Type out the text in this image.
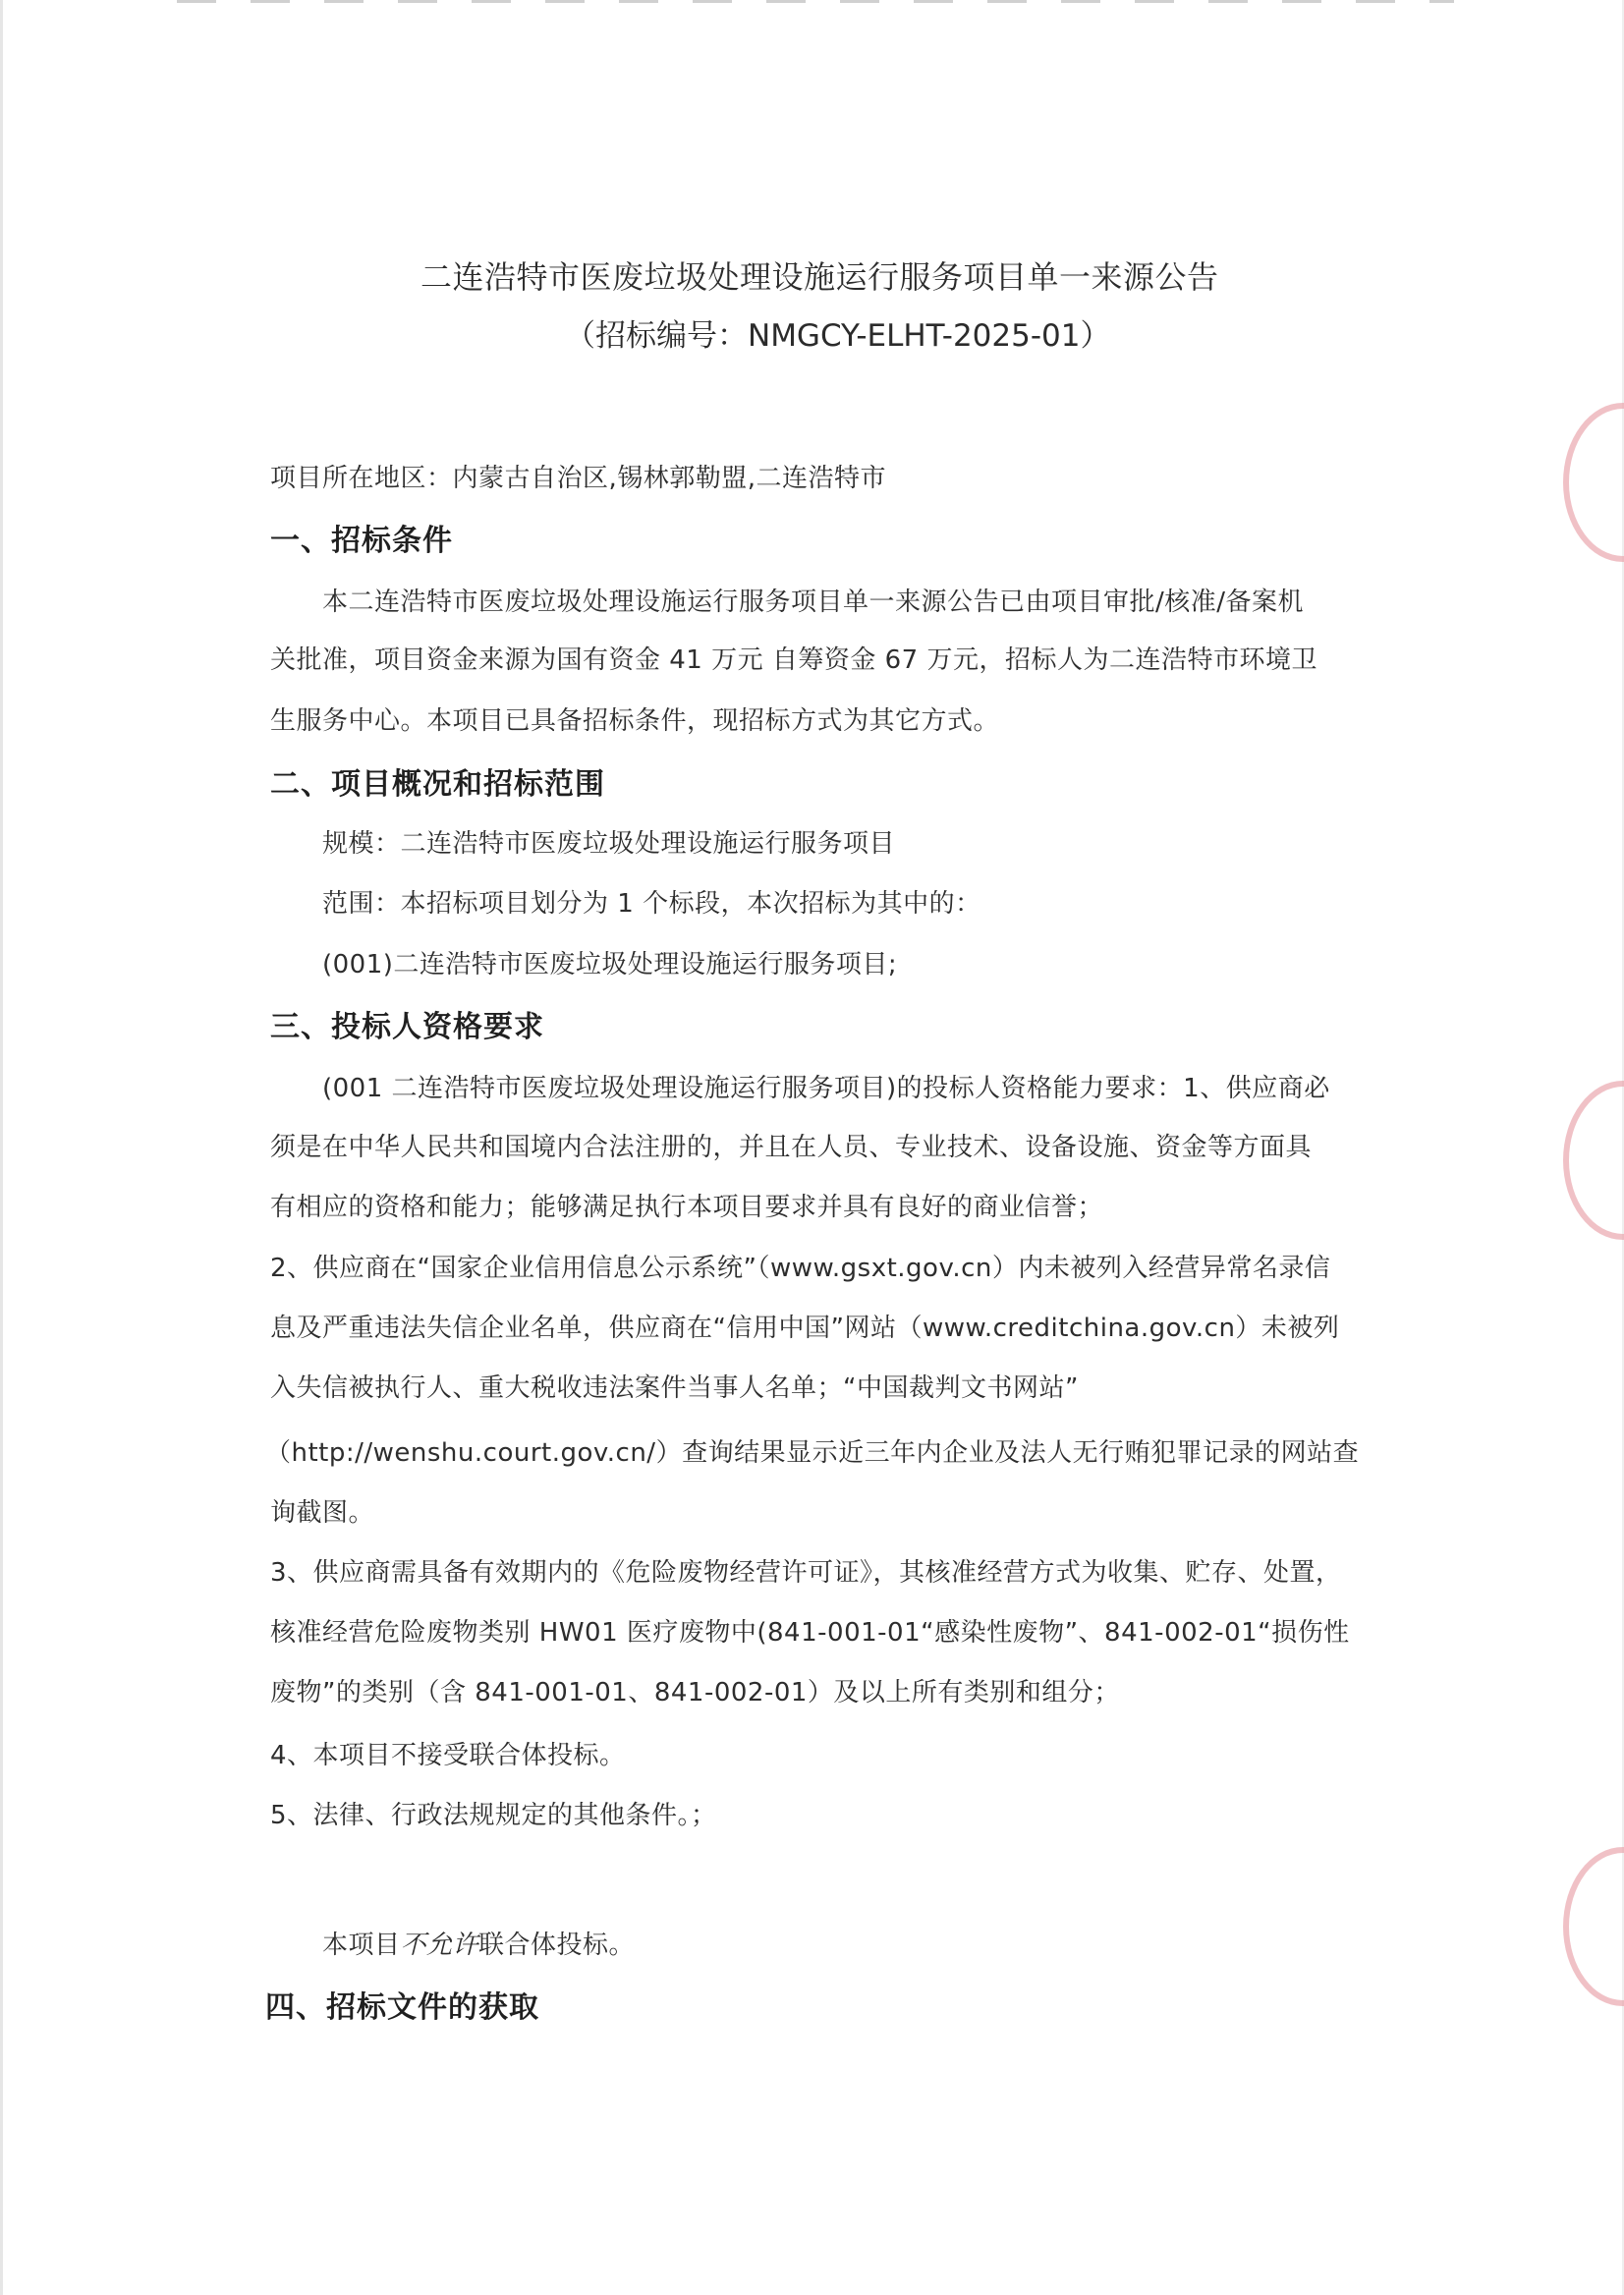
二连浩特市医废垃圾处理设施运行服务项目单一来源公告
（招标编号：NMGCY-ELHT-2025-01）
项目所在地区：内蒙古自治区,锡林郭勒盟,二连浩特市
一、招标条件
本二连浩特市医废垃圾处理设施运行服务项目单一来源公告已由项目审批/核准/备案机
关批准，项目资金来源为国有资金 41 万元 自筹资金 67 万元，招标人为二连浩特市环境卫
生服务中心。本项目已具备招标条件，现招标方式为其它方式。
二、项目概况和招标范围
规模：二连浩特市医废垃圾处理设施运行服务项目
范围：本招标项目划分为 1 个标段，本次招标为其中的：
(001)二连浩特市医废垃圾处理设施运行服务项目;
三、投标人资格要求
(001 二连浩特市医废垃圾处理设施运行服务项目)的投标人资格能力要求：1、供应商必
须是在中华人民共和国境内合法注册的，并且在人员、专业技术、设备设施、资金等方面具
有相应的资格和能力；能够满足执行本项目要求并具有良好的商业信誉；
2、供应商在“国家企业信用信息公示系统”（www.gsxt.gov.cn）内未被列入经营异常名录信
息及严重违法失信企业名单，供应商在“信用中国”网站（www.creditchina.gov.cn）未被列
入失信被执行人、重大税收违法案件当事人名单；“中国裁判文书网站”
（http://wenshu.court.gov.cn/）查询结果显示近三年内企业及法人无行贿犯罪记录的网站查
询截图。
3、供应商需具备有效期内的《危险废物经营许可证》，其核准经营方式为收集、贮存、处置，
核准经营危险废物类别 HW01 医疗废物中(841-001-01“感染性废物”、841-002-01“损伤性
废物”的类别（含 841-001-01、841-002-01）及以上所有类别和组分；
4、本项目不接受联合体投标。
5、法律、行政法规规定的其他条件。；
本项目不允许联合体投标。
四、招标文件的获取
